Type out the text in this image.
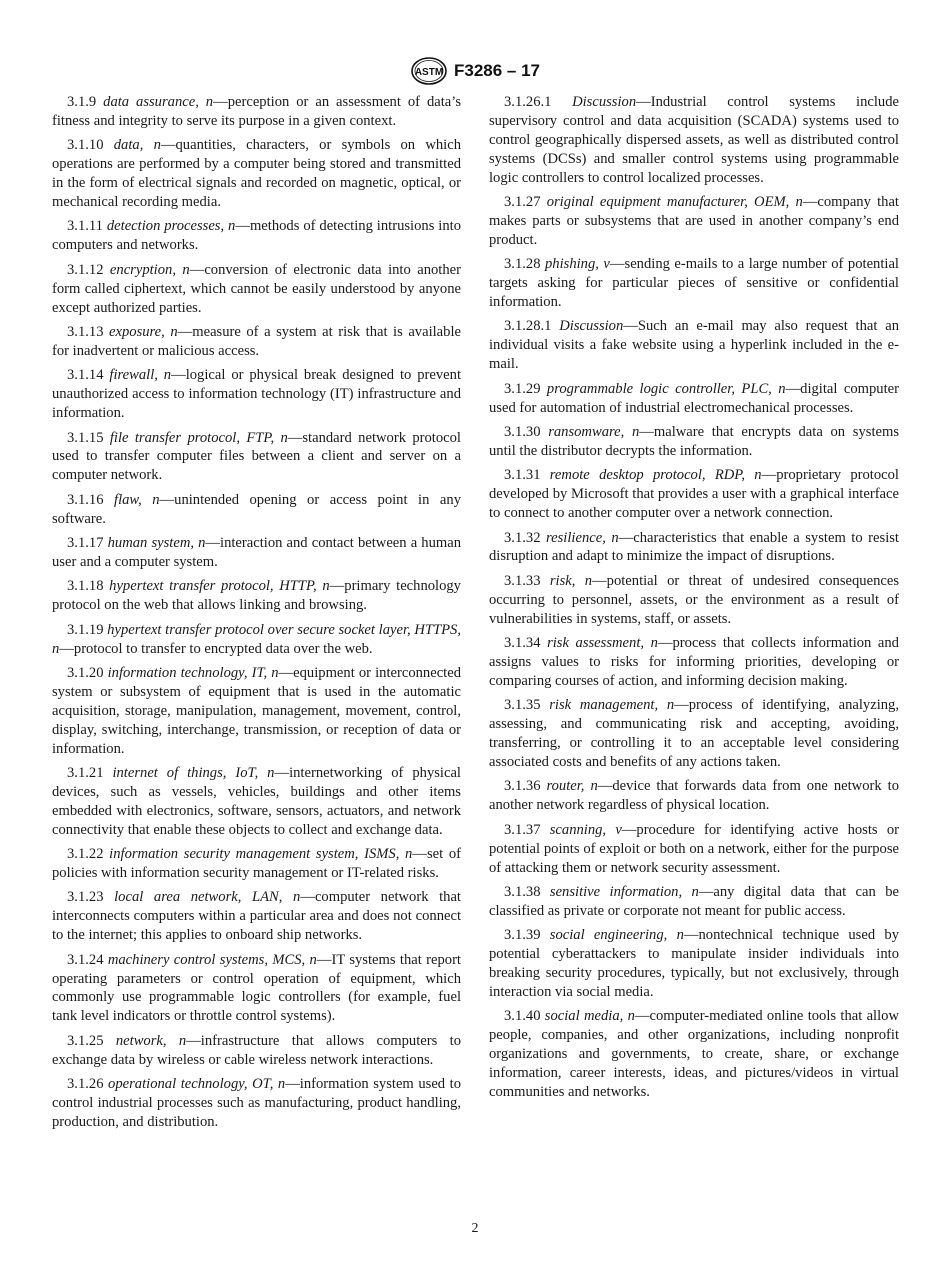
ASTM F3286 – 17

3.1.9 data assurance, n—perception or an assessment of data’s fitness and integrity to serve its purpose in a given context.

3.1.10 data, n—quantities, characters, or symbols on which operations are performed by a computer being stored and transmitted in the form of electrical signals and recorded on magnetic, optical, or mechanical recording media.

3.1.11 detection processes, n—methods of detecting intrusions into computers and networks.

3.1.12 encryption, n—conversion of electronic data into another form called ciphertext, which cannot be easily understood by anyone except authorized parties.

3.1.13 exposure, n—measure of a system at risk that is available for inadvertent or malicious access.

3.1.14 firewall, n—logical or physical break designed to prevent unauthorized access to information technology (IT) infrastructure and information.

3.1.15 file transfer protocol, FTP, n—standard network protocol used to transfer computer files between a client and server on a computer network.

3.1.16 flaw, n—unintended opening or access point in any software.

3.1.17 human system, n—interaction and contact between a human user and a computer system.

3.1.18 hypertext transfer protocol, HTTP, n—primary technology protocol on the web that allows linking and browsing.

3.1.19 hypertext transfer protocol over secure socket layer, HTTPS, n—protocol to transfer to encrypted data over the web.

3.1.20 information technology, IT, n—equipment or interconnected system or subsystem of equipment that is used in the automatic acquisition, storage, manipulation, management, movement, control, display, switching, interchange, transmission, or reception of data or information.

3.1.21 internet of things, IoT, n—internetworking of physical devices, such as vessels, vehicles, buildings and other items embedded with electronics, software, sensors, actuators, and network connectivity that enable these objects to collect and exchange data.

3.1.22 information security management system, ISMS, n—set of policies with information security management or IT-related risks.

3.1.23 local area network, LAN, n—computer network that interconnects computers within a particular area and does not connect to the internet; this applies to onboard ship networks.

3.1.24 machinery control systems, MCS, n—IT systems that report operating parameters or control operation of equipment, which commonly use programmable logic controllers (for example, fuel tank level indicators or throttle control systems).

3.1.25 network, n—infrastructure that allows computers to exchange data by wireless or cable wireless network interactions.

3.1.26 operational technology, OT, n—information system used to control industrial processes such as manufacturing, product handling, production, and distribution.

3.1.26.1 Discussion—Industrial control systems include supervisory control and data acquisition (SCADA) systems used to control geographically dispersed assets, as well as distributed control systems (DCSs) and smaller control systems using programmable logic controllers to control localized processes.

3.1.27 original equipment manufacturer, OEM, n—company that makes parts or subsystems that are used in another company’s end product.

3.1.28 phishing, v—sending e-mails to a large number of potential targets asking for particular pieces of sensitive or confidential information.

3.1.28.1 Discussion—Such an e-mail may also request that an individual visits a fake website using a hyperlink included in the e-mail.

3.1.29 programmable logic controller, PLC, n—digital computer used for automation of industrial electromechanical processes.

3.1.30 ransomware, n—malware that encrypts data on systems until the distributor decrypts the information.

3.1.31 remote desktop protocol, RDP, n—proprietary protocol developed by Microsoft that provides a user with a graphical interface to connect to another computer over a network connection.

3.1.32 resilience, n—characteristics that enable a system to resist disruption and adapt to minimize the impact of disruptions.

3.1.33 risk, n—potential or threat of undesired consequences occurring to personnel, assets, or the environment as a result of vulnerabilities in systems, staff, or assets.

3.1.34 risk assessment, n—process that collects information and assigns values to risks for informing priorities, developing or comparing courses of action, and informing decision making.

3.1.35 risk management, n—process of identifying, analyzing, assessing, and communicating risk and accepting, avoiding, transferring, or controlling it to an acceptable level considering associated costs and benefits of any actions taken.

3.1.36 router, n—device that forwards data from one network to another network regardless of physical location.

3.1.37 scanning, v—procedure for identifying active hosts or potential points of exploit or both on a network, either for the purpose of attacking them or network security assessment.

3.1.38 sensitive information, n—any digital data that can be classified as private or corporate not meant for public access.

3.1.39 social engineering, n—nontechnical technique used by potential cyberattackers to manipulate insider individuals into breaking security procedures, typically, but not exclusively, through interaction via social media.

3.1.40 social media, n—computer-mediated online tools that allow people, companies, and other organizations, including nonprofit organizations and governments, to create, share, or exchange information, career interests, ideas, and pictures/videos in virtual communities and networks.

2
